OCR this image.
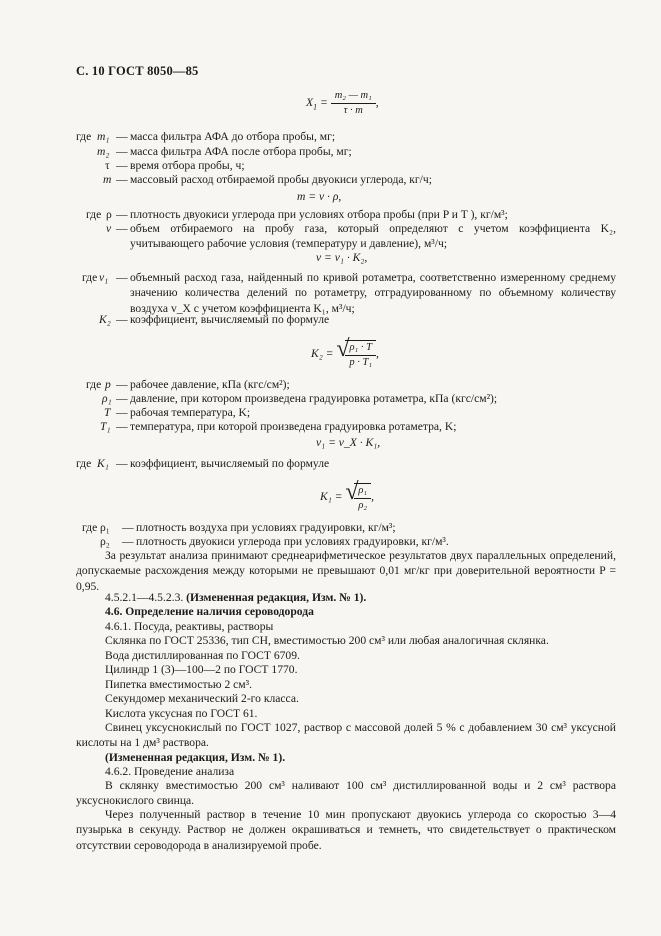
С. 10 ГОСТ 8050—85
$X_1 = \frac{\text{m₂ — m₁}}{\tau \cdot m}$ ,
где m₁ — масса фильтра АФА до отбора пробы, мг;
m₂ — масса фильтра АФА после отбора пробы, мг;
τ — время отбора пробы, ч;
m — массовый расход отбираемой пробы двуокиси углерода, кг/ч;
m = v · ρ,
где ρ — плотность двуокиси углерода при условиях отбора пробы (при P и T ), кг/м³;
v — объем отбираемого на пробу газа, который определяют с учетом коэффициента K₂, учитывающего рабочие условия (температуру и давление), м³/ч;
v = v₁ · K₂,
где v₁ — объемный расход газа, найденный по кривой ротаметра, соответственно измеренному среднему значению количества делений по ротаметру, отградуированному по объемному количеству воздуха v_X с учетом коэффициента K₁, м³/ч;
K₂ — коэффициент, вычисляемый по формуле
K₂ = √
$\frac{\text{ρ₁ · T}}{\text{p · T₁}}$ ,
где p — рабочее давление, кПа (кгс/см²);
ρ₁ — давление, при котором произведена градуировка ротаметра, кПа (кгс/см²);
T — рабочая температура, K;
T₁ — температура, при которой произведена градуировка ротаметра, K;
v₁ = v_X · K₁,
где K₁ — коэффициент, вычисляемый по формуле
K₁ = √
$\frac{\text{ρ₁}}{\text{ρ₂}}$ ,
где ρ₁ — плотность воздуха при условиях градуировки, кг/м³;
ρ₂ — плотность двуокиси углерода при условиях градуировки, кг/м³.
За результат анализа принимают среднеарифметическое результатов двух параллельных определений, допускаемые расхождения между которыми не превышают 0,01 мг/кг при доверительной вероятности P = 0,95.
4.5.2.1—4.5.2.3. (Измененная редакция, Изм. № 1).
4.6. Определение наличия сероводорода
4.6.1. Посуда, реактивы, растворы
Склянка по ГОСТ 25336, тип СН, вместимостью 200 см³ или любая аналогичная склянка.
Вода дистиллированная по ГОСТ 6709.
Цилиндр 1 (3)—100—2 по ГОСТ 1770.
Пипетка вместимостью 2 см³.
Секундомер механический 2-го класса.
Кислота уксусная по ГОСТ 61.
Свинец уксуснокислый по ГОСТ 1027, раствор с массовой долей 5 % с добавлением 30 см³ уксусной кислоты на 1 дм³ раствора.
(Измененная редакция, Изм. № 1).
4.6.2. Проведение анализа
В склянку вместимостью 200 см³ наливают 100 см³ дистиллированной воды и 2 см³ раствора уксуснокислого свинца.
Через полученный раствор в течение 10 мин пропускают двуокись углерода со скоростью 3—4 пузырька в секунду. Раствор не должен окрашиваться и темнеть, что свидетельствует о практическом отсутствии сероводорода в анализируемой пробе.
